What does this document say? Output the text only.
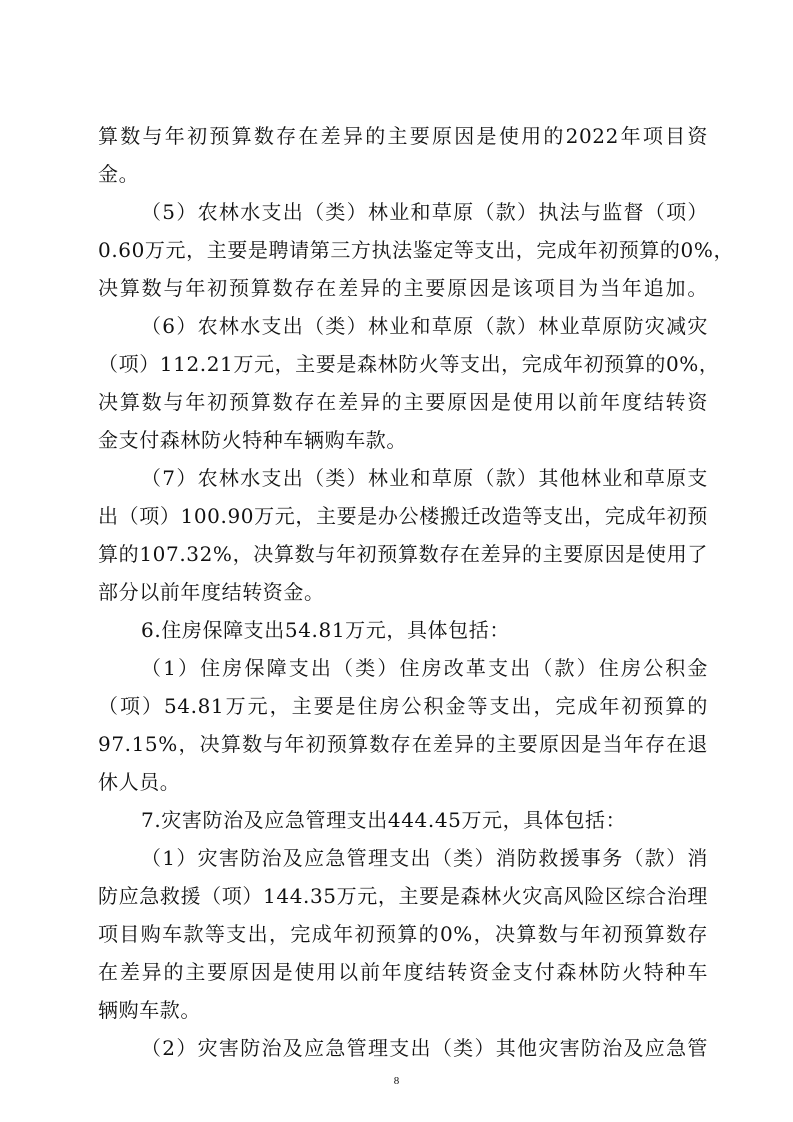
算数与年初预算数存在差异的主要原因是使用的2022年项目资
金。
（5）农林水支出（类）林业和草原（款）执法与监督（项）
0.60万元，主要是聘请第三方执法鉴定等支出，完成年初预算的0%，
决算数与年初预算数存在差异的主要原因是该项目为当年追加。
（6）农林水支出（类）林业和草原（款）林业草原防灾减灾
（项）112.21万元，主要是森林防火等支出，完成年初预算的0%，
决算数与年初预算数存在差异的主要原因是使用以前年度结转资
金支付森林防火特种车辆购车款。
（7）农林水支出（类）林业和草原（款）其他林业和草原支
出（项）100.90万元，主要是办公楼搬迁改造等支出，完成年初预
算的107.32%，决算数与年初预算数存在差异的主要原因是使用了
部分以前年度结转资金。
6.住房保障支出54.81万元，具体包括：
（1）住房保障支出（类）住房改革支出（款）住房公积金
（项）54.81万元，主要是住房公积金等支出，完成年初预算的
97.15%，决算数与年初预算数存在差异的主要原因是当年存在退
休人员。
7.灾害防治及应急管理支出444.45万元，具体包括：
（1）灾害防治及应急管理支出（类）消防救援事务（款）消
防应急救援（项）144.35万元，主要是森林火灾高风险区综合治理
项目购车款等支出，完成年初预算的0%，决算数与年初预算数存
在差异的主要原因是使用以前年度结转资金支付森林防火特种车
辆购车款。
（2）灾害防治及应急管理支出（类）其他灾害防治及应急管
8
